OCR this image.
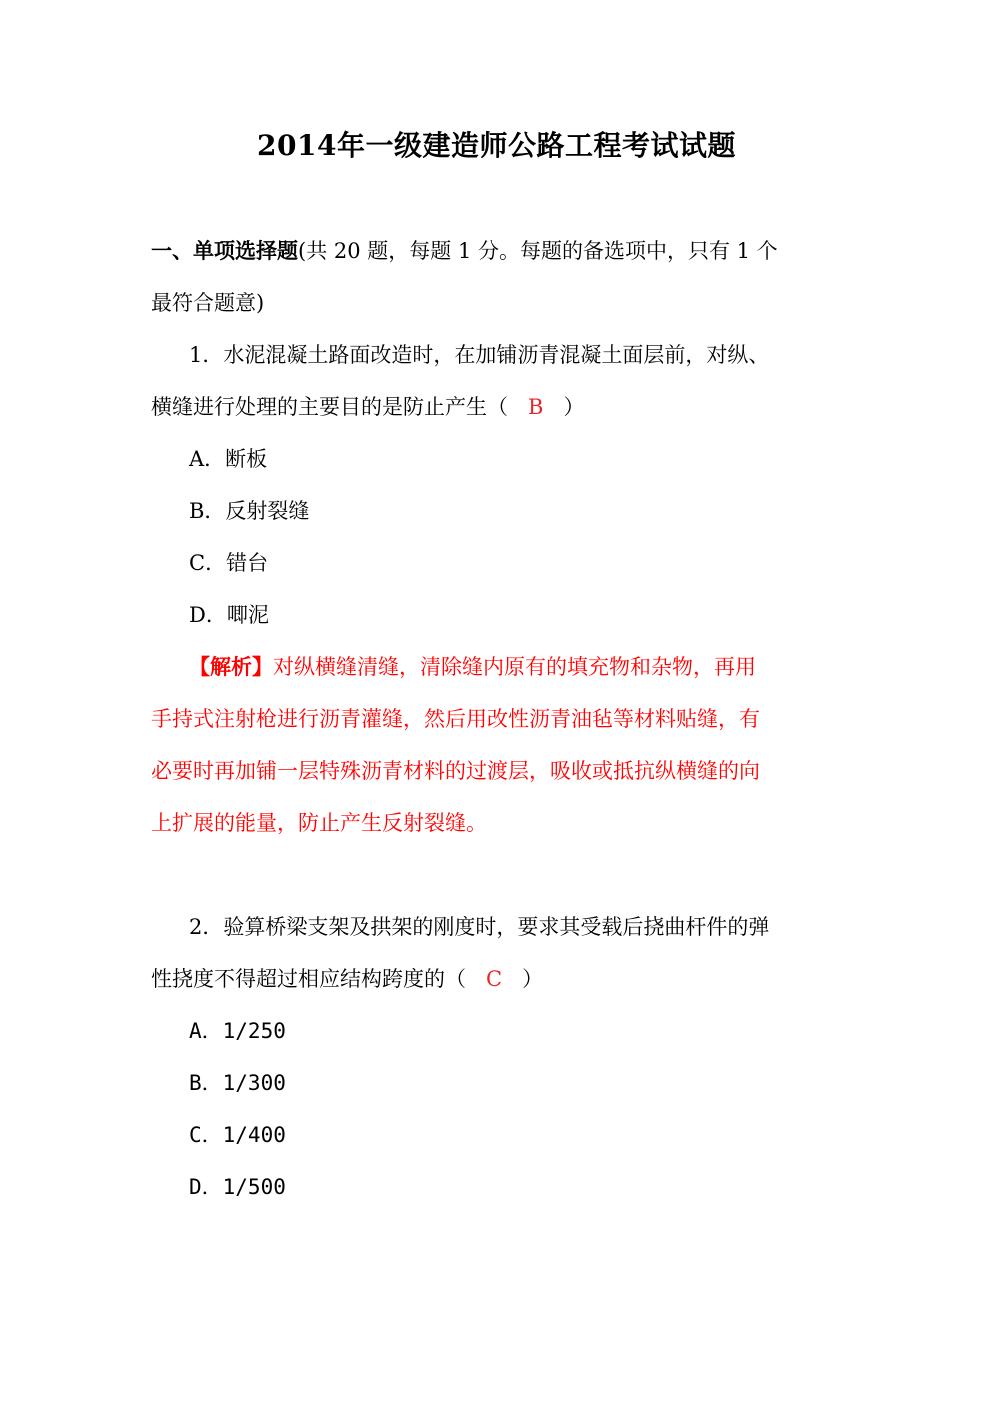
2014年一级建造师公路工程考试试题
一、单项选择题(共 20 题，每题 1 分。每题的备选项中，只有 1 个
最符合题意)
1．水泥混凝土路面改造时，在加铺沥青混凝土面层前，对纵、
横缝进行处理的主要目的是防止产生（ B ）
A．断板
B．反射裂缝
C．错台
D．唧泥
【解析】对纵横缝清缝，清除缝内原有的填充物和杂物，再用
手持式注射枪进行沥青灌缝，然后用改性沥青油毡等材料贴缝，有
必要时再加铺一层特殊沥青材料的过渡层，吸收或抵抗纵横缝的向
上扩展的能量，防止产生反射裂缝。
2．验算桥梁支架及拱架的刚度时，要求其受载后挠曲杆件的弹
性挠度不得超过相应结构跨度的（ C ）
A．1/250
B．1/300
C．1/400
D．1/500
